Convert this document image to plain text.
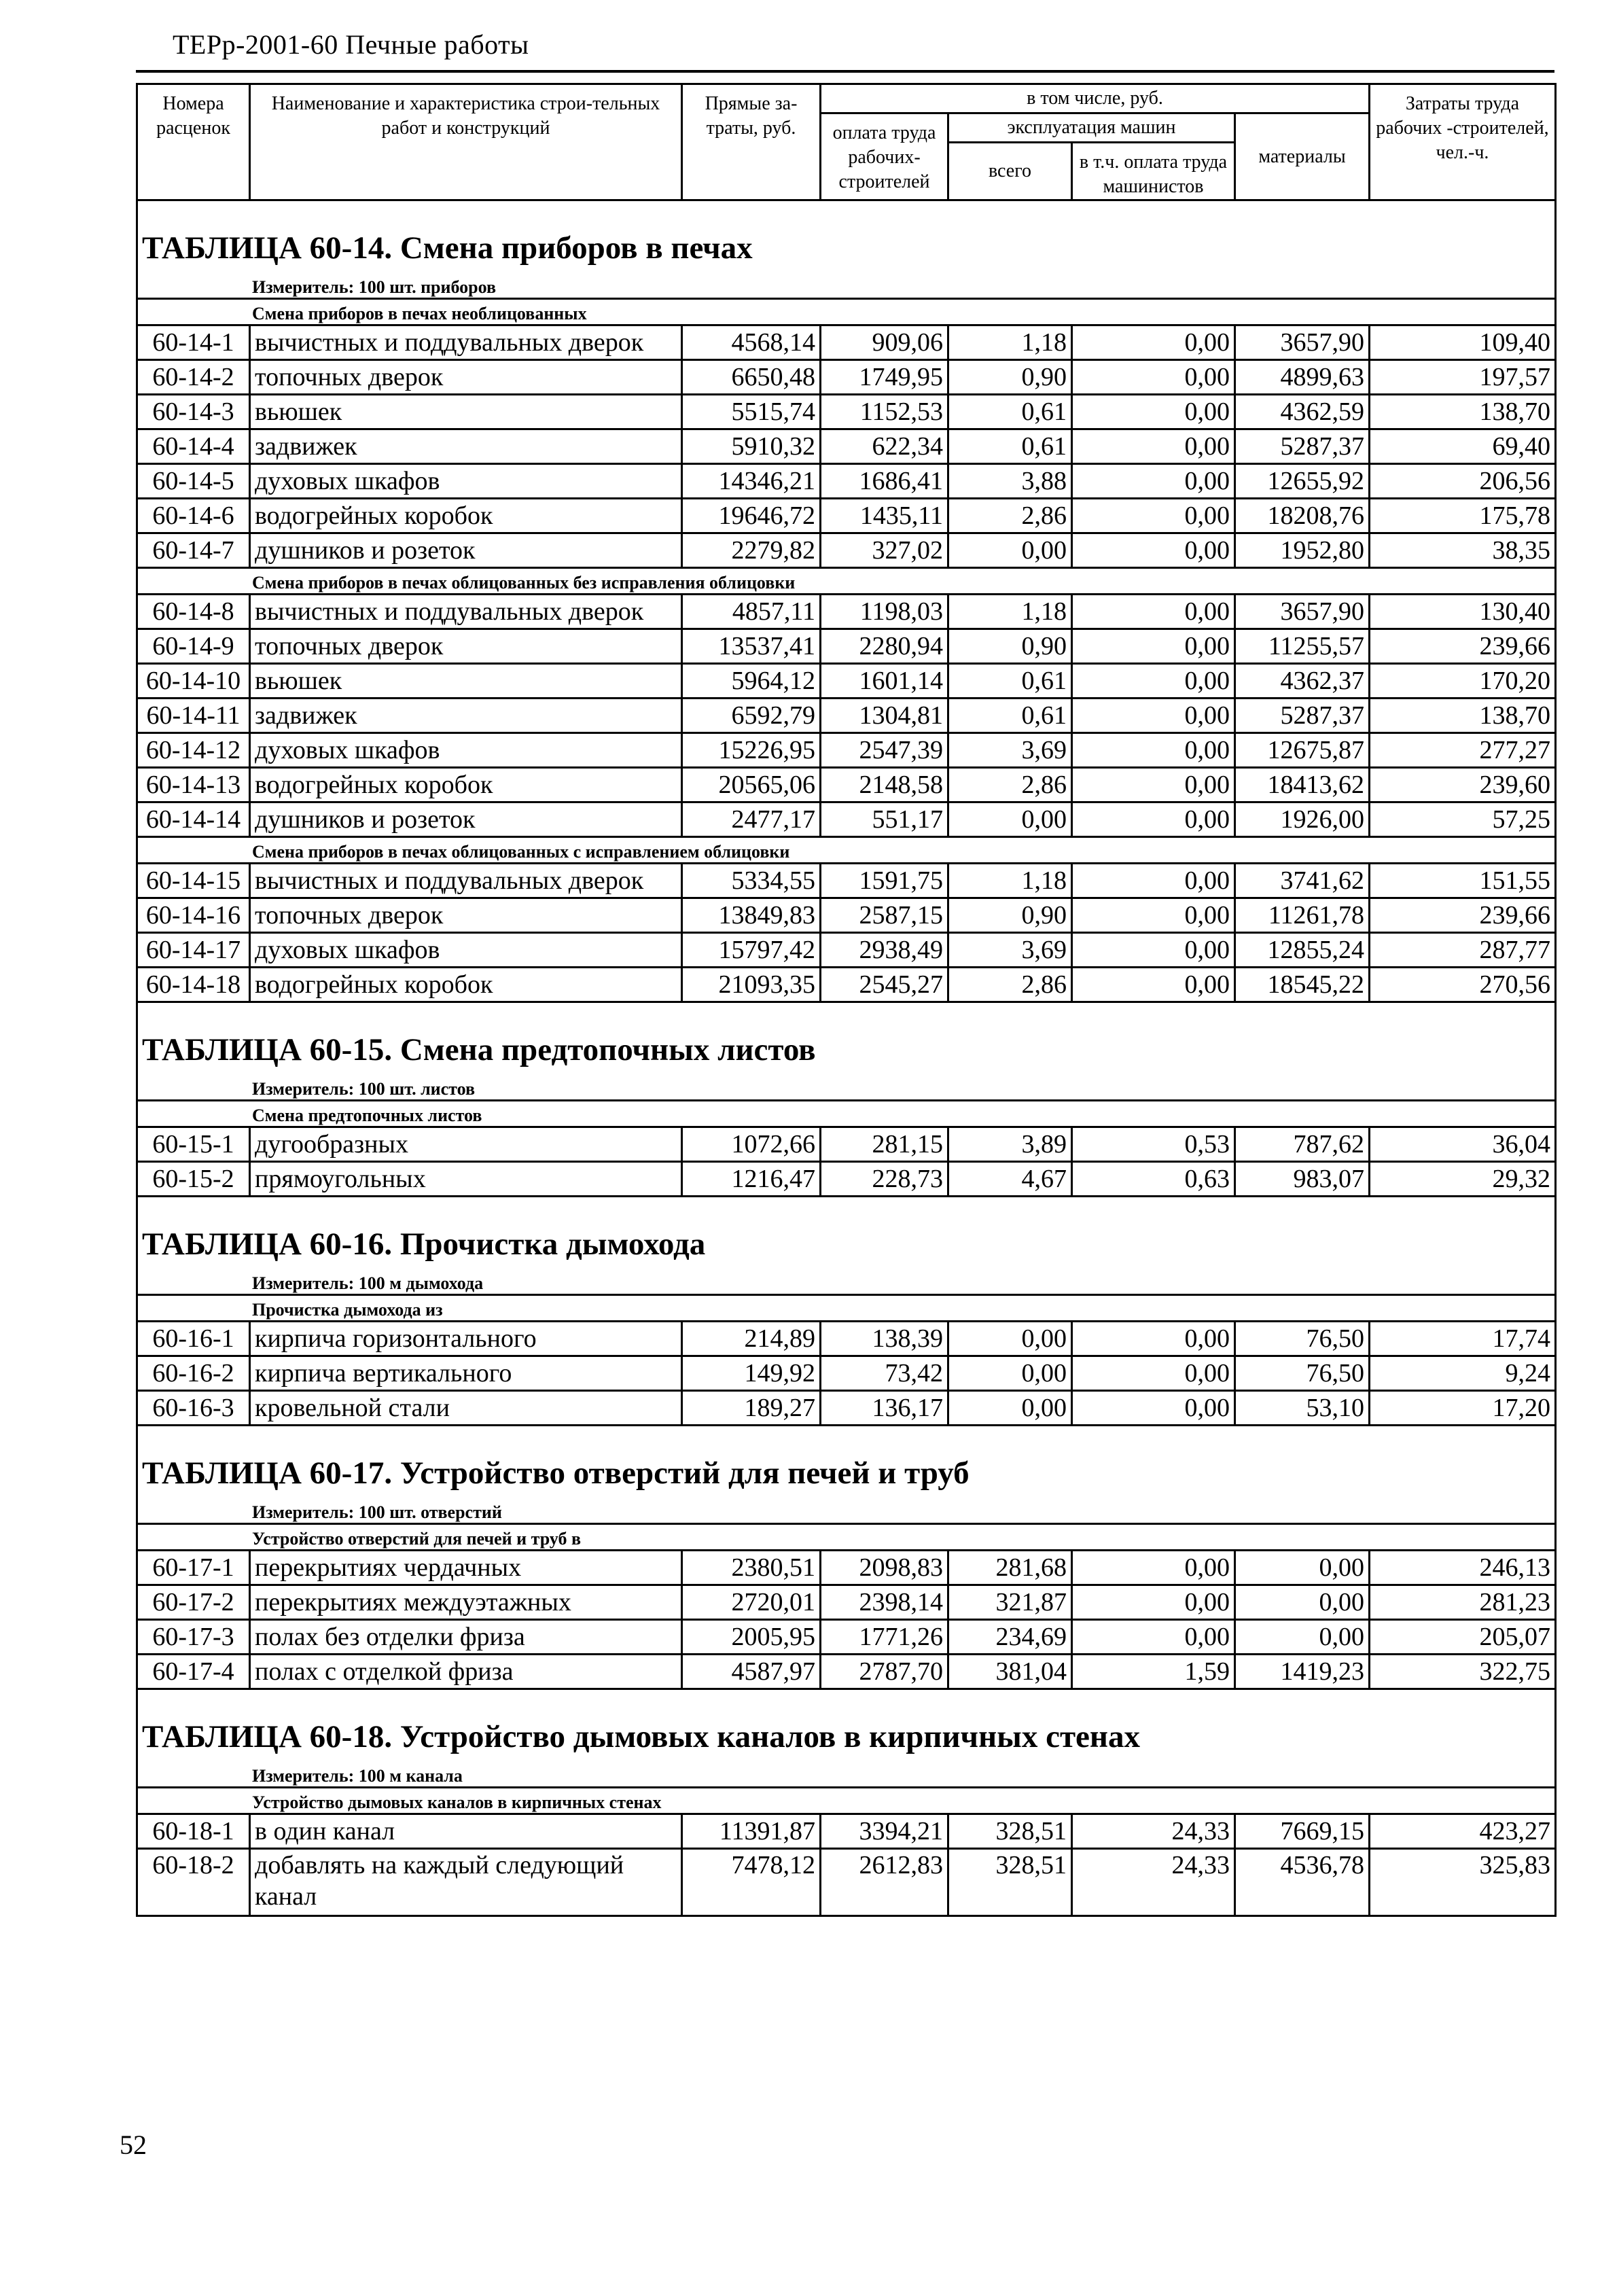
ТЕРр-2001-60 Печные работы
Номера расценок	Наименование и характеристика строи-тельных работ и конструкций	Прямые за-траты, руб.	в том числе, руб.				Затраты труда рабочих -строителей, чел.-ч.
			оплата труда рабочих-строителей	эксплуатация машин		материалы	
				всего	в т.ч. оплата труда машинистов		

ТАБЛИЦА 60-14. Смена приборов в печах							
Измеритель: 100 шт. приборов							
Смена приборов в печах необлицованных							
60-14-1	вычистных и поддувальных дверок	4568,14	909,06	1,18	0,00	3657,90	109,40
60-14-2	топочных дверок	6650,48	1749,95	0,90	0,00	4899,63	197,57
60-14-3	вьюшек	5515,74	1152,53	0,61	0,00	4362,59	138,70
60-14-4	задвижек	5910,32	622,34	0,61	0,00	5287,37	69,40
60-14-5	духовых шкафов	14346,21	1686,41	3,88	0,00	12655,92	206,56
60-14-6	водогрейных коробок	19646,72	1435,11	2,86	0,00	18208,76	175,78
60-14-7	душников и розеток	2279,82	327,02	0,00	0,00	1952,80	38,35
Смена приборов в печах облицованных без исправления облицовки							
60-14-8	вычистных и поддувальных дверок	4857,11	1198,03	1,18	0,00	3657,90	130,40
60-14-9	топочных дверок	13537,41	2280,94	0,90	0,00	11255,57	239,66
60-14-10	вьюшек	5964,12	1601,14	0,61	0,00	4362,37	170,20
60-14-11	задвижек	6592,79	1304,81	0,61	0,00	5287,37	138,70
60-14-12	духовых шкафов	15226,95	2547,39	3,69	0,00	12675,87	277,27
60-14-13	водогрейных коробок	20565,06	2148,58	2,86	0,00	18413,62	239,60
60-14-14	душников и розеток	2477,17	551,17	0,00	0,00	1926,00	57,25
Смена приборов в печах облицованных с исправлением облицовки							
60-14-15	вычистных и поддувальных дверок	5334,55	1591,75	1,18	0,00	3741,62	151,55
60-14-16	топочных дверок	13849,83	2587,15	0,90	0,00	11261,78	239,66
60-14-17	духовых шкафов	15797,42	2938,49	3,69	0,00	12855,24	287,77
60-14-18	водогрейных коробок	21093,35	2545,27	2,86	0,00	18545,22	270,56
ТАБЛИЦА 60-15. Смена предтопочных листов							
Измеритель: 100 шт. листов							
Смена предтопочных листов							
60-15-1	дугообразных	1072,66	281,15	3,89	0,53	787,62	36,04
60-15-2	прямоугольных	1216,47	228,73	4,67	0,63	983,07	29,32
ТАБЛИЦА 60-16. Прочистка дымохода							
Измеритель: 100 м дымохода							
Прочистка дымохода из							
60-16-1	кирпича горизонтального	214,89	138,39	0,00	0,00	76,50	17,74
60-16-2	кирпича вертикального	149,92	73,42	0,00	0,00	76,50	9,24
60-16-3	кровельной стали	189,27	136,17	0,00	0,00	53,10	17,20
ТАБЛИЦА 60-17. Устройство отверстий для печей и труб							
Измеритель: 100 шт. отверстий							
Устройство отверстий для печей и труб в							
60-17-1	перекрытиях чердачных	2380,51	2098,83	281,68	0,00	0,00	246,13
60-17-2	перекрытиях междуэтажных	2720,01	2398,14	321,87	0,00	0,00	281,23
60-17-3	полах без отделки фриза	2005,95	1771,26	234,69	0,00	0,00	205,07
60-17-4	полах с отделкой фриза	4587,97	2787,70	381,04	1,59	1419,23	322,75
ТАБЛИЦА 60-18. Устройство дымовых каналов в кирпичных стенах							
Измеритель: 100 м канала							
Устройство дымовых каналов в кирпичных стенах							
60-18-1	в один канал	11391,87	3394,21	328,51	24,33	7669,15	423,27
60-18-2	добавлять на каждый следующий канал	7478,12	2612,83	328,51	24,33	4536,78	325,83
52
